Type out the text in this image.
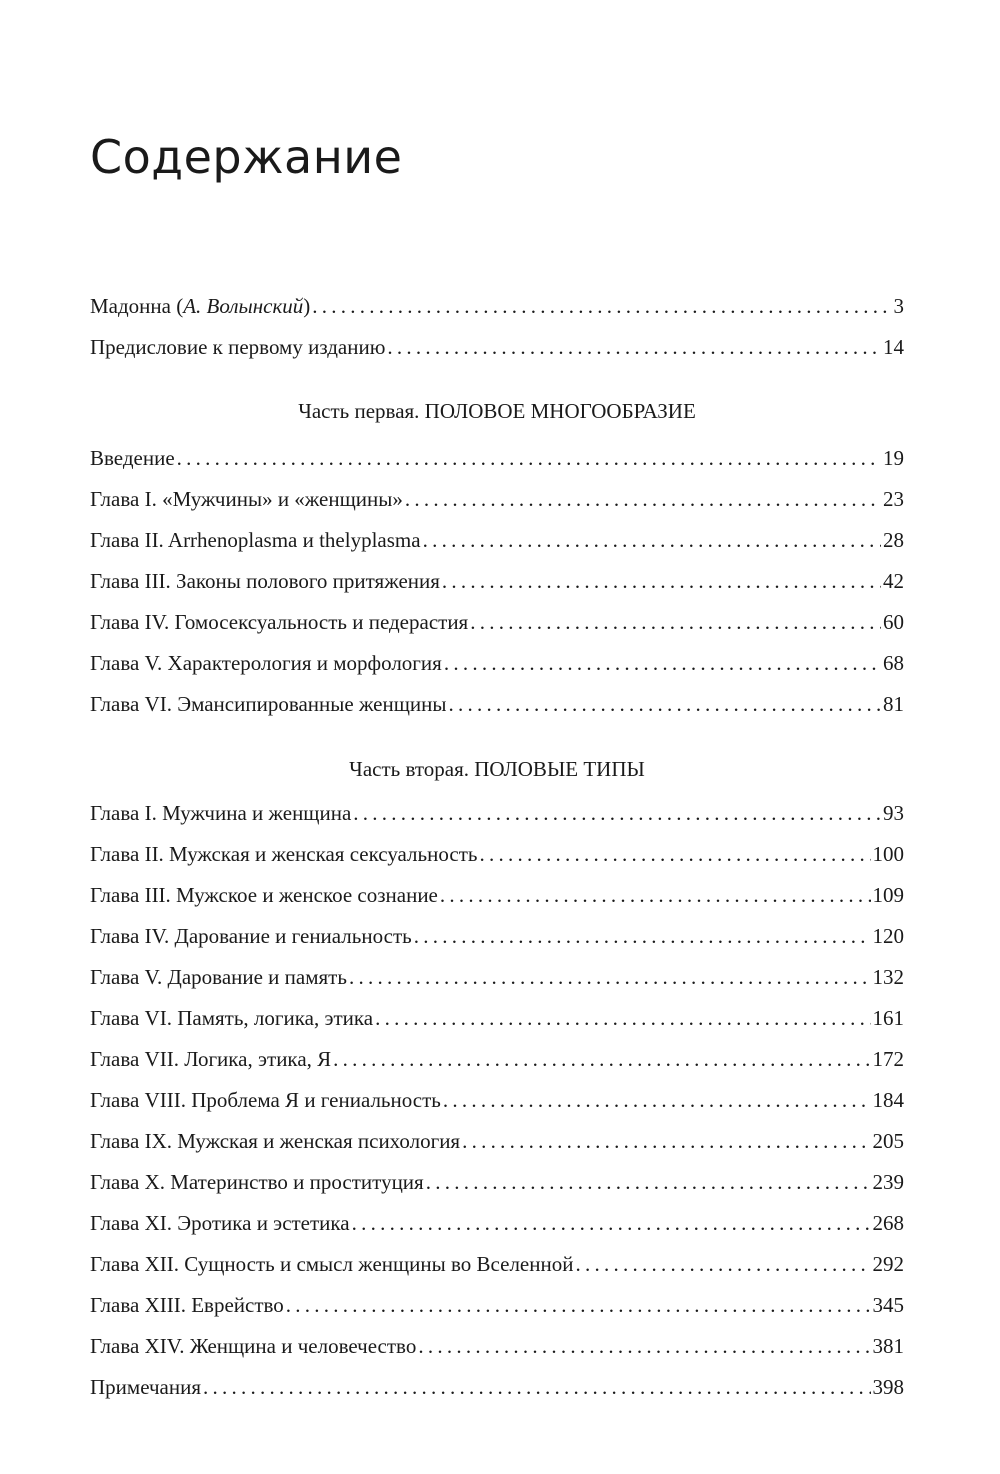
Содержание
Мадонна (А. Волынский) . . .	3
Предисловие к первому изданию . . .	14
Часть первая. ПОЛОВОЕ МНОГООБРАЗИЕ
Введение . . .	19
Глава I. «Мужчины» и «женщины» . . .	23
Глава II. Arrhenoplasma и thelyplasma . . .	28
Глава III. Законы полового притяжения . . .	42
Глава IV. Гомосексуальность и педерастия . . .	60
Глава V. Характерология и морфология . . .	68
Глава VI. Эмансипированные женщины . . .	81
Часть вторая. ПОЛОВЫЕ ТИПЫ
Глава I. Мужчина и женщина . . .	93
Глава II. Мужская и женская сексуальность . . .	100
Глава III. Мужское и женское сознание . . .	109
Глава IV. Дарование и гениальность . . .	120
Глава V. Дарование и память . . .	132
Глава VI. Память, логика, этика . . .	161
Глава VII. Логика, этика, Я . . .	172
Глава VIII. Проблема Я и гениальность . . .	184
Глава IX. Мужская и женская психология . . .	205
Глава X. Материнство и проституция . . .	239
Глава XI. Эротика и эстетика . . .	268
Глава XII. Сущность и смысл женщины во Вселенной . . .	292
Глава XIII. Еврейство . . .	345
Глава XIV. Женщина и человечество . . .	381
Примечания . . .	398
